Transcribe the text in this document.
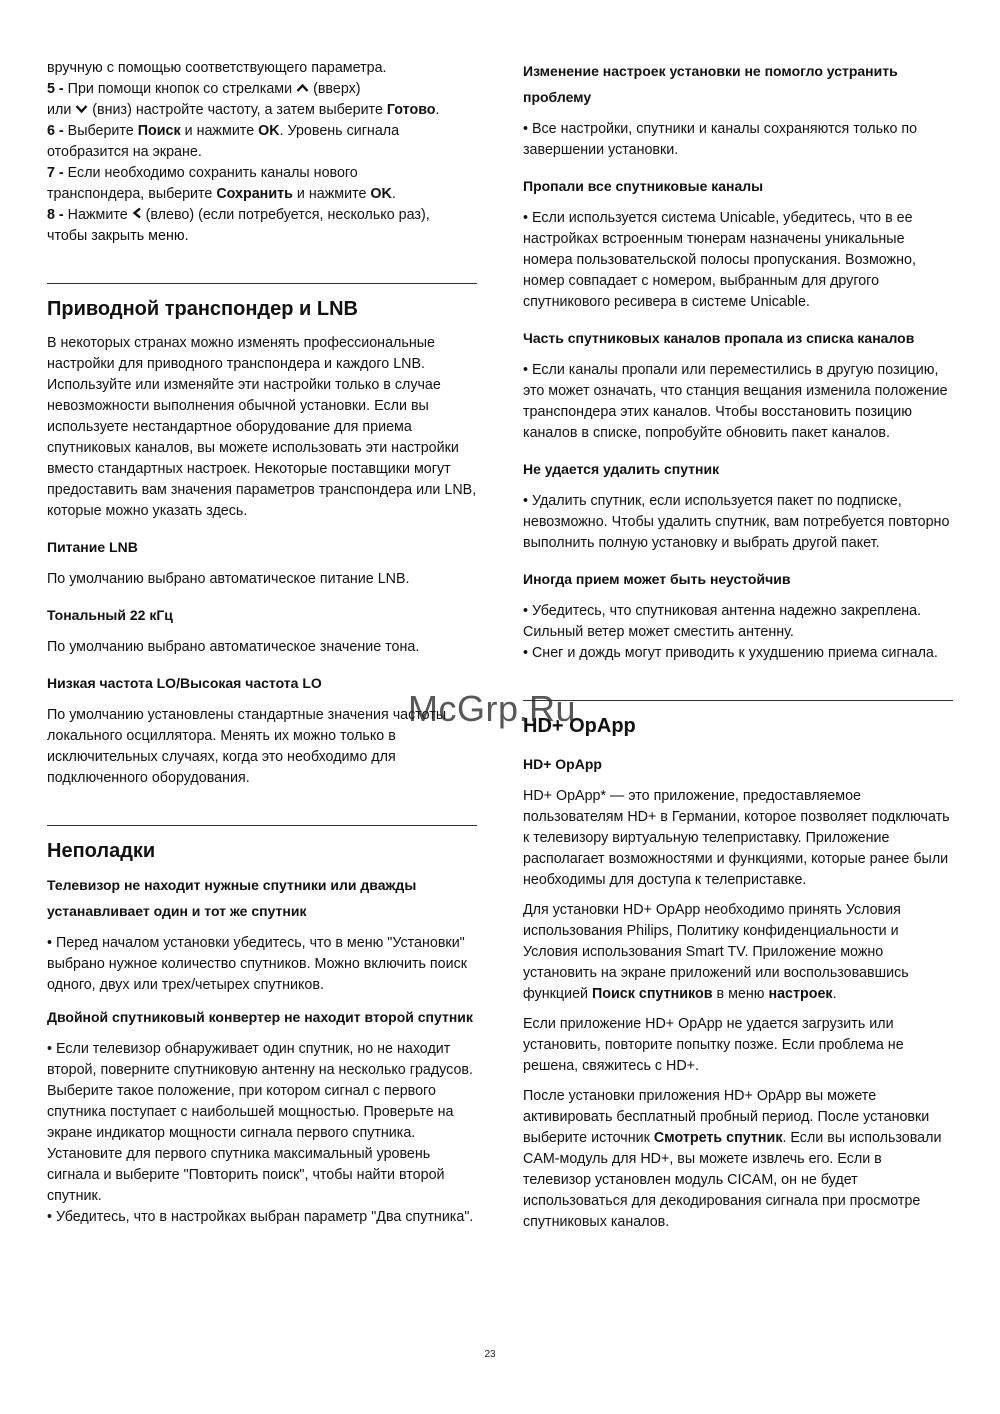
вручную с помощью соответствующего параметра.

5 - При помощи кнопок со стрелками (вверх)

или (вниз) настройте частоту, а затем выберите Готово.

6 - Выберите Поиск и нажмите OK. Уровень сигнала

отобразится на экране.

7 - Если необходимо сохранить каналы нового

транспондера, выберите Сохранить и нажмите OK.

8 - Нажмите (влево) (если потребуется, несколько раз),

чтобы закрыть меню.

Приводной транспондер и LNB

В некоторых странах можно изменять профессиональные настройки для приводного транспондера и каждого LNB. Используйте или изменяйте эти настройки только в случае невозможности выполнения обычной установки. Если вы используете нестандартное оборудование для приема спутниковых каналов, вы можете использовать эти настройки вместо стандартных настроек. Некоторые поставщики могут предоставить вам значения параметров транспондера или LNB, которые можно указать здесь.

Питание LNB

По умолчанию выбрано автоматическое питание LNB.

Тональный 22 кГц

По умолчанию выбрано автоматическое значение тона.

Низкая частота LO/Высокая частота LO

По умолчанию установлены стандартные значения частоты локального осциллятора. Менять их можно только в исключительных случаях, когда это необходимо для подключенного оборудования.

Неполадки
Телевизор не находит нужные спутники или дважды устанавливает один и тот же спутник

• Перед началом установки убедитесь, что в меню "Установки" выбрано нужное количество спутников. Можно включить поиск одного, двух или трех/четырех спутников.

Двойной спутниковый конвертер не находит второй спутник

• Если телевизор обнаруживает один спутник, но не находит второй, поверните спутниковую антенну на несколько градусов. Выберите такое положение, при котором сигнал с первого спутника поступает с наибольшей мощностью. Проверьте на экране индикатор мощности сигнала первого спутника. Установите для первого спутника максимальный уровень сигнала и выберите "Повторить поиск", чтобы найти второй спутник.

• Убедитесь, что в настройках выбран параметр "Два спутника".

Изменение настроек установки не помогло устранить проблему

• Все настройки, спутники и каналы сохраняются только по завершении установки.

Пропали все спутниковые каналы

• Если используется система Unicable, убедитесь, что в ее настройках встроенным тюнерам назначены уникальные номера пользовательской полосы пропускания. Возможно, номер совпадает с номером, выбранным для другого спутникового ресивера в системе Unicable.

Часть спутниковых каналов пропала из списка каналов

• Если каналы пропали или переместились в другую позицию, это может означать, что станция вещания изменила положение транспондера этих каналов. Чтобы восстановить позицию каналов в списке, попробуйте обновить пакет каналов.

Не удается удалить спутник

• Удалить спутник, если используется пакет по подписке, невозможно. Чтобы удалить спутник, вам потребуется повторно выполнить полную установку и выбрать другой пакет.

Иногда прием может быть неустойчив

• Убедитесь, что спутниковая антенна надежно закреплена. Сильный ветер может сместить антенну.

• Снег и дождь могут приводить к ухудшению приема сигнала.

HD+ OpApp
HD+ OpApp

HD+ OpApp* — это приложение, предоставляемое пользователям HD+ в Германии, которое позволяет подключать к телевизору виртуальную телеприставку. Приложение располагает возможностями и функциями, которые ранее были необходимы для доступа к телеприставке.

Для установки HD+ OpApp необходимо принять Условия использования Philips, Политику конфиденциальности и Условия использования Smart TV. Приложение можно установить на экране приложений или воспользовавшись функцией Поиск спутников в меню настроек.

Если приложение HD+ OpApp не удается загрузить или установить, повторите попытку позже. Если проблема не решена, свяжитесь с HD+.

После установки приложения HD+ OpApp вы можете активировать бесплатный пробный период. После установки выберите источник Смотреть спутник. Если вы использовали CAM-модуль для HD+, вы можете извлечь его. Если в телевизор установлен модуль CICAM, он не будет использоваться для декодирования сигнала при просмотре спутниковых каналов.

McGrp.Ru
23
